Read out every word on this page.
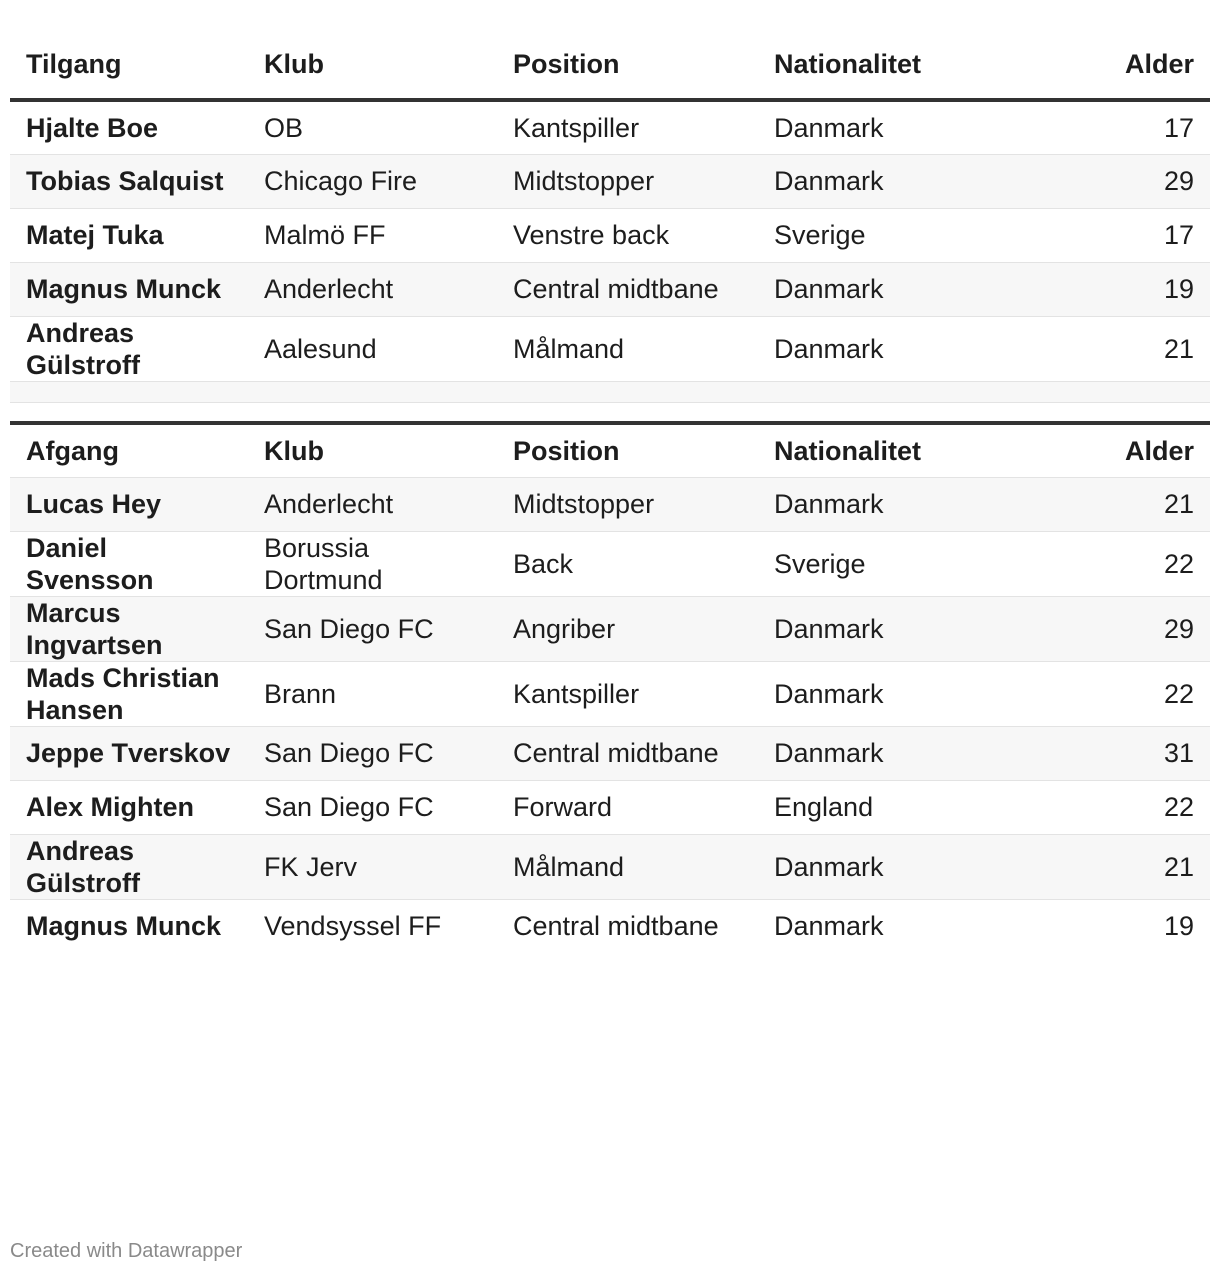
Tilgang	Klub	Position	Nationalitet	Alder
Hjalte Boe	OB	Kantspiller	Danmark	17
Tobias Salquist	Chicago Fire	Midtstopper	Danmark	29
Matej Tuka	Malmö FF	Venstre back	Sverige	17
Magnus Munck	Anderlecht	Central midtbane	Danmark	19
Andreas Gülstroff	Aalesund	Målmand	Danmark	21

Afgang	Klub	Position	Nationalitet	Alder
Lucas Hey	Anderlecht	Midtstopper	Danmark	21
Daniel Svensson	Borussia Dortmund	Back	Sverige	22
Marcus Ingvartsen	San Diego FC	Angriber	Danmark	29
Mads Christian Hansen	Brann	Kantspiller	Danmark	22
Jeppe Tverskov	San Diego FC	Central midtbane	Danmark	31
Alex Mighten	San Diego FC	Forward	England	22
Andreas Gülstroff	FK Jerv	Målmand	Danmark	21
Magnus Munck	Vendsyssel FF	Central midtbane	Danmark	19
Created with Datawrapper
